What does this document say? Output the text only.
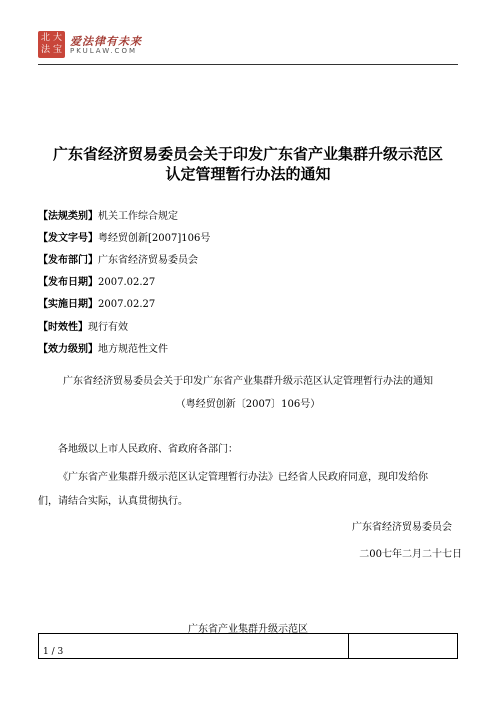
北 大
法 宝
爱法律有未来
PKULAW.COM
广东省经济贸易委员会关于印发广东省产业集群升级示范区
认定管理暂行办法的通知
【法规类别】机关工作综合规定
【发文字号】粤经贸创新[2007]106号
【发布部门】广东省经济贸易委员会
【发布日期】2007.02.27
【实施日期】2007.02.27
【时效性】现行有效
【效力级别】地方规范性文件
广东省经济贸易委员会关于印发广东省产业集群升级示范区认定管理暂行办法的通知
（粤经贸创新〔2007〕106号）
各地级以上市人民政府、省政府各部门：
《广东省产业集群升级示范区认定管理暂行办法》已经省人民政府同意，现印发给你
们，请结合实际，认真贯彻执行。
广东省经济贸易委员会
二00七年二月二十七日
广东省产业集群升级示范区
1 / 3
